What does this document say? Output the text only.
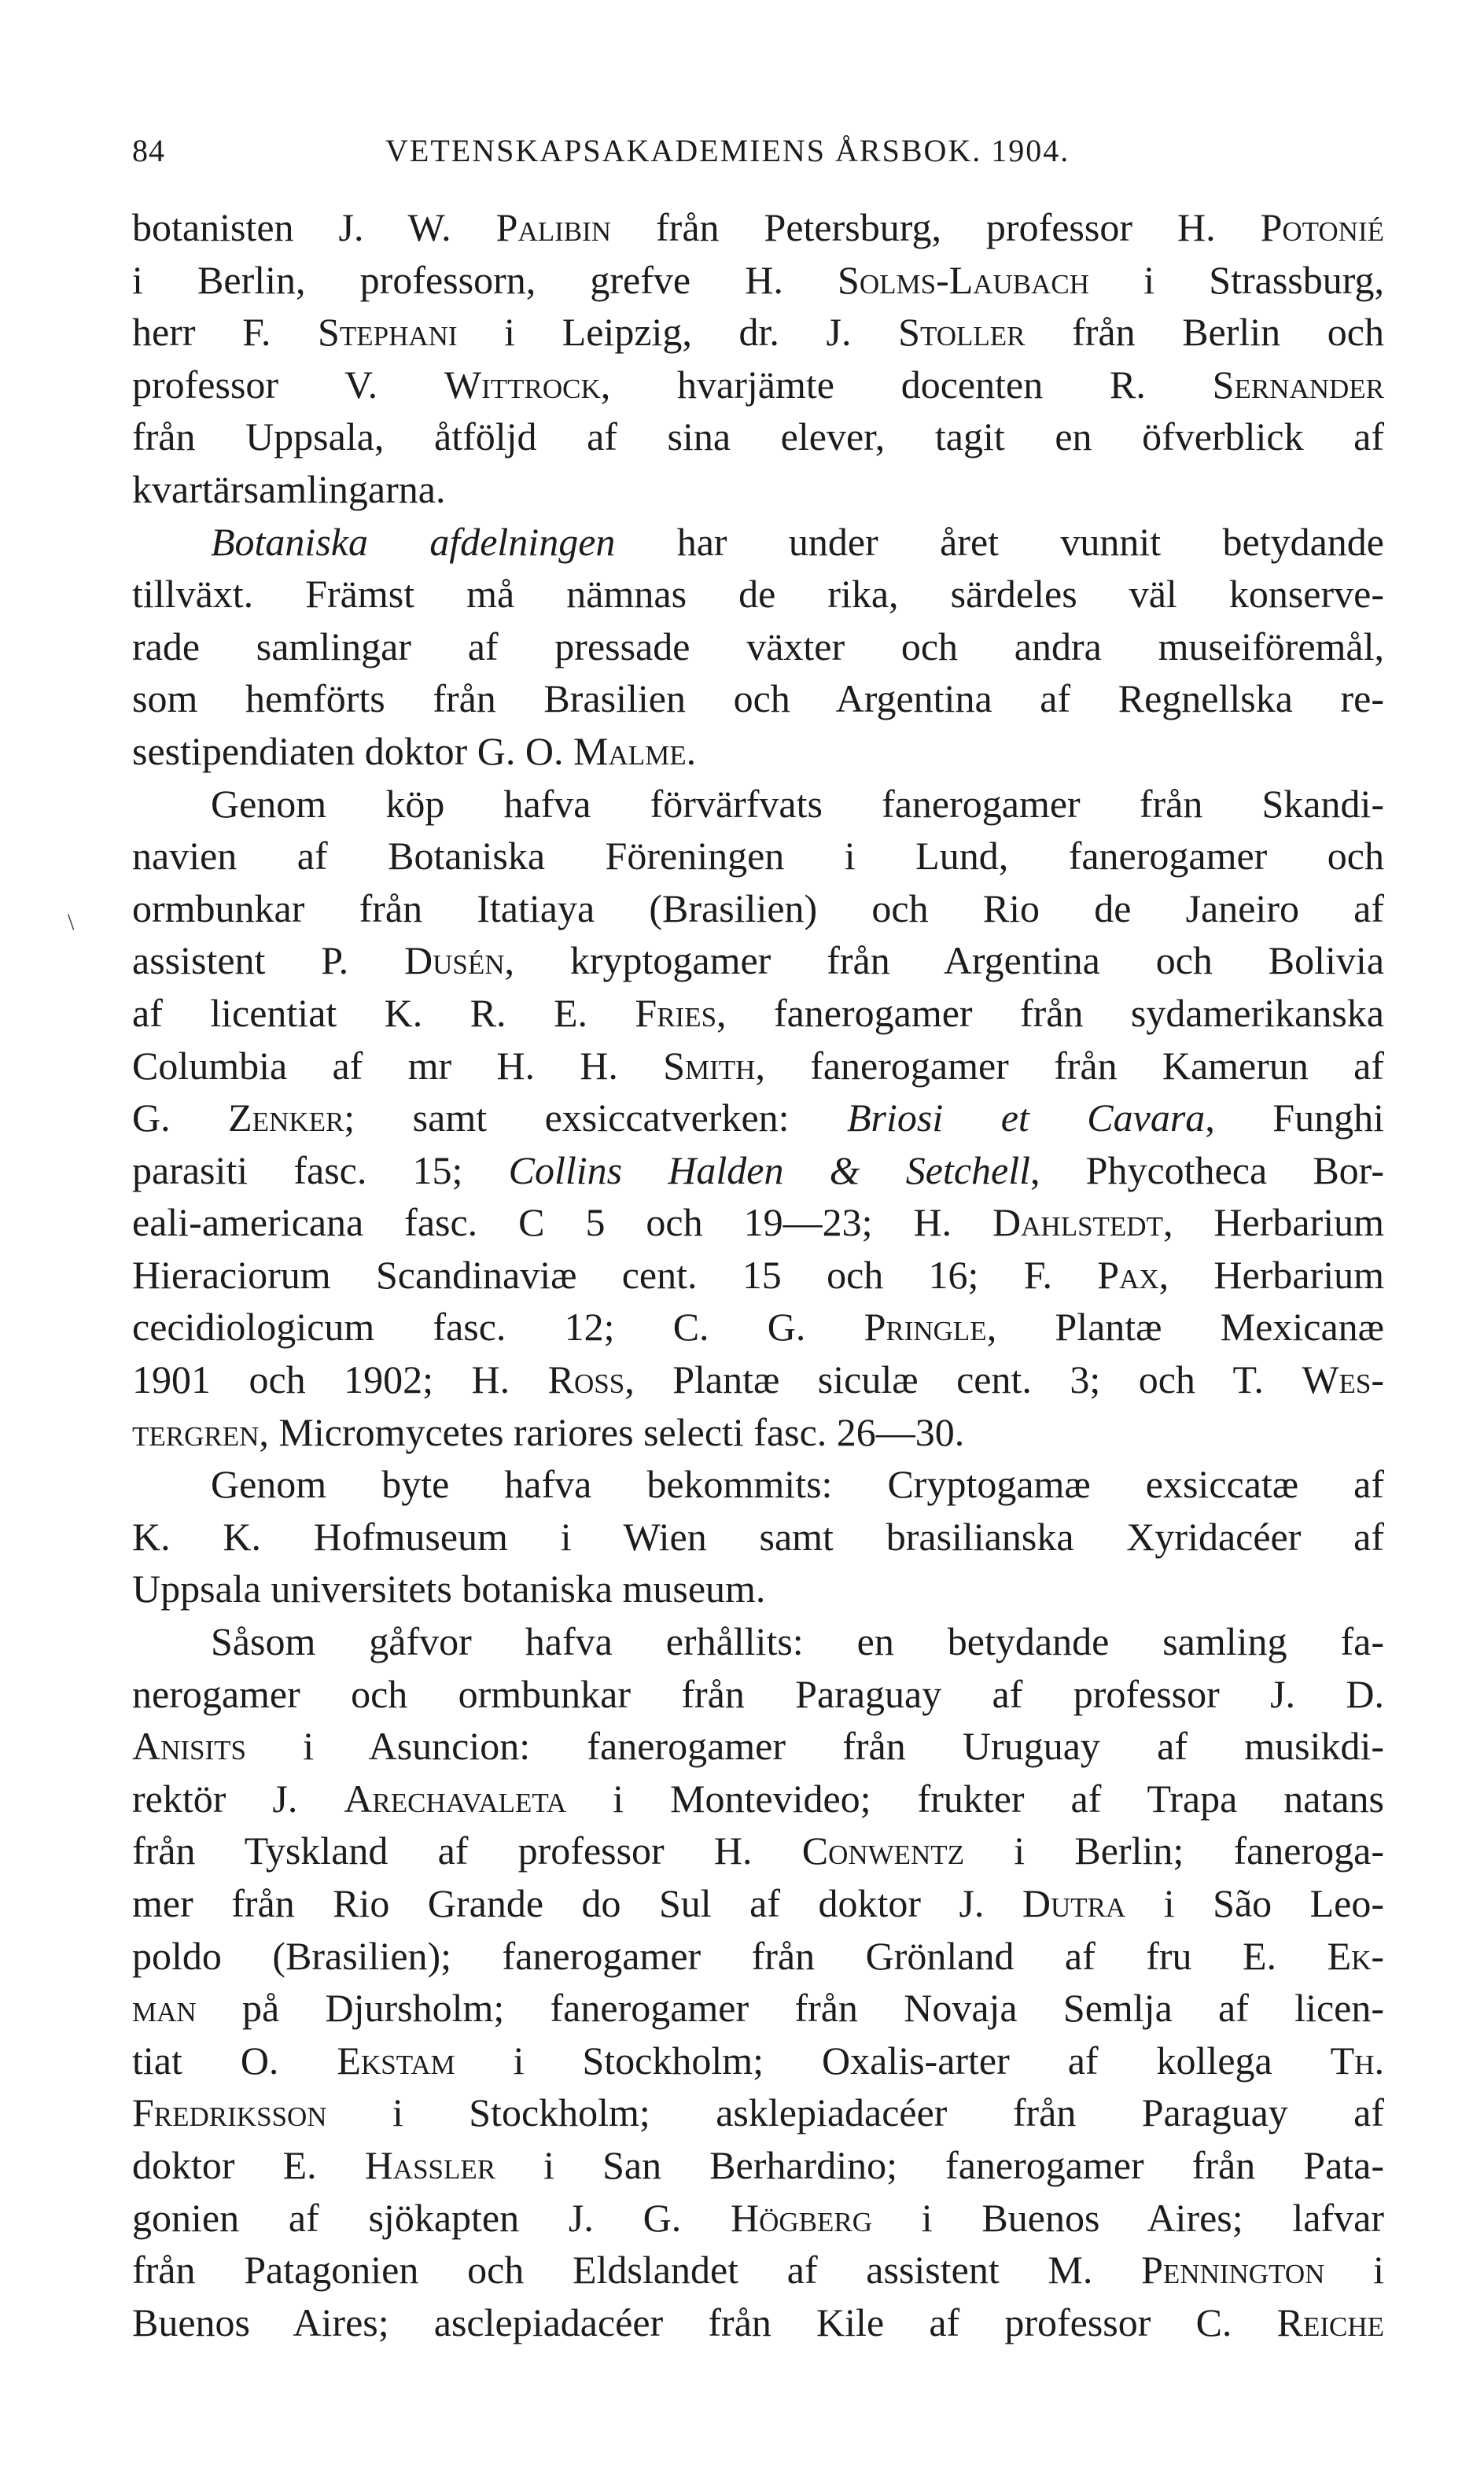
84	VETENSKAPSAKADEMIENS ÅRSBOK. 1904.
\
botanisten J. W. Palibin från Petersburg, professor H. Potonié
i Berlin, professorn, grefve H. Solms-Laubach i Strassburg,
herr F. Stephani i Leipzig, dr. J. Stoller från Berlin och
professor V. Wittrock, hvarjämte docenten R. Sernander
från Uppsala, åtföljd af sina elever, tagit en öfverblick af
kvartärsamlingarna.
Botaniska afdelningen har under året vunnit betydande
tillväxt. Främst må nämnas de rika, särdeles väl konserve-
rade samlingar af pressade växter och andra museiföremål,
som hemförts från Brasilien och Argentina af Regnellska re-
sestipendiaten doktor G. O. Malme.
Genom köp hafva förvärfvats fanerogamer från Skandi-
navien af Botaniska Föreningen i Lund, fanerogamer och
ormbunkar från Itatiaya (Brasilien) och Rio de Janeiro af
assistent P. Dusén, kryptogamer från Argentina och Bolivia
af licentiat K. R. E. Fries, fanerogamer från sydamerikanska
Columbia af mr H. H. Smith, fanerogamer från Kamerun af
G. Zenker; samt exsiccatverken: Briosi et Cavara, Funghi
parasiti fasc. 15; Collins Halden & Setchell, Phycotheca Bor-
eali-americana fasc. C 5 och 19—23; H. Dahlstedt, Herbarium
Hieraciorum Scandinaviæ cent. 15 och 16; F. Pax, Herbarium
cecidiologicum fasc. 12; C. G. Pringle, Plantæ Mexicanæ
1901 och 1902; H. Ross, Plantæ siculæ cent. 3; och T. Wes-
tergren, Micromycetes rariores selecti fasc. 26—30.
Genom byte hafva bekommits: Cryptogamæ exsiccatæ af
K. K. Hofmuseum i Wien samt brasilianska Xyridacéer af
Uppsala universitets botaniska museum.
Såsom gåfvor hafva erhållits: en betydande samling fa-
nerogamer och ormbunkar från Paraguay af professor J. D.
Anisits i Asuncion: fanerogamer från Uruguay af musikdi-
rektör J. Arechavaleta i Montevideo; frukter af Trapa natans
från Tyskland af professor H. Conwentz i Berlin; faneroga-
mer från Rio Grande do Sul af doktor J. Dutra i São Leo-
poldo (Brasilien); fanerogamer från Grönland af fru E. Ek-
man på Djursholm; fanerogamer från Novaja Semlja af licen-
tiat O. Ekstam i Stockholm; Oxalis-arter af kollega Th.
Fredriksson i Stockholm; asklepiadacéer från Paraguay af
doktor E. Hassler i San Berhardino; fanerogamer från Pata-
gonien af sjökapten J. G. Högberg i Buenos Aires; lafvar
från Patagonien och Eldslandet af assistent M. Pennington i
Buenos Aires; asclepiadacéer från Kile af professor C. Reiche
